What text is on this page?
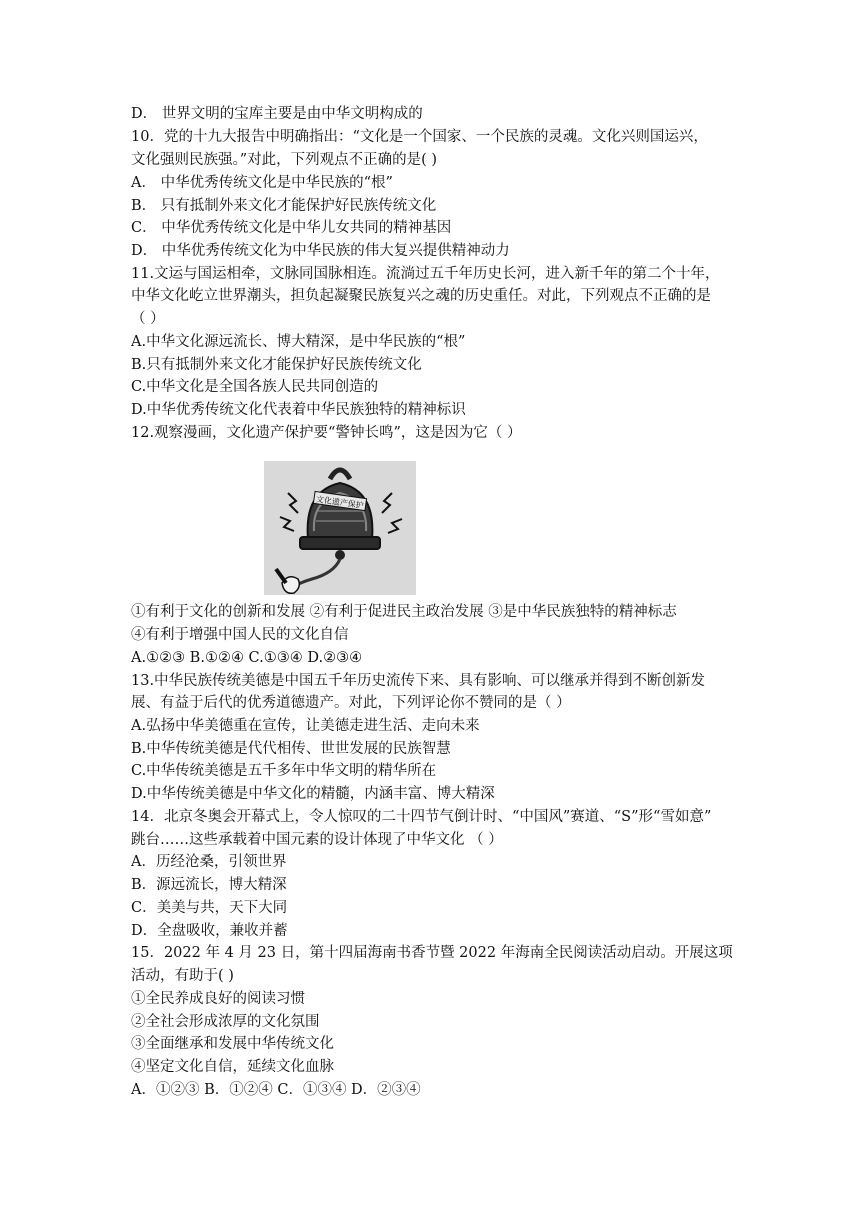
D． 世界文明的宝库主要是由中华文明构成的
10．党的十九大报告中明确指出：“文化是一个国家、一个民族的灵魂。文化兴则国运兴，
文化强则民族强。”对此，下列观点不正确的是( )
A． 中华优秀传统文化是中华民族的“根”
B． 只有抵制外来文化才能保护好民族传统文化
C． 中华优秀传统文化是中华儿女共同的精神基因
D． 中华优秀传统文化为中华民族的伟大复兴提供精神动力
11.文运与国运相牵，文脉同国脉相连。流淌过五千年历史长河，进入新千年的第二个十年，
中华文化屹立世界潮头，担负起凝聚民族复兴之魂的历史重任。对此，下列观点不正确的是
（ ）
A.中华文化源远流长、博大精深，是中华民族的“根”
B.只有抵制外来文化才能保护好民族传统文化
C.中华文化是全国各族人民共同创造的
D.中华优秀传统文化代表着中华民族独特的精神标识
12.观察漫画，文化遗产保护要“警钟长鸣”，这是因为它（ ）
文化遗产保护
①有利于文化的创新和发展 ②有利于促进民主政治发展 ③是中华民族独特的精神标志
④有利于增强中国人民的文化自信
A.①②③ B.①②④ C.①③④ D.②③④
13.中华民族传统美德是中国五千年历史流传下来、具有影响、可以继承并得到不断创新发
展、有益于后代的优秀道德遗产。对此，下列评论你不赞同的是（ ）
A.弘扬中华美德重在宣传，让美德走进生活、走向未来
B.中华传统美德是代代相传、世世发展的民族智慧
C.中华传统美德是五千多年中华文明的精华所在
D.中华传统美德是中华文化的精髓，内涵丰富、博大精深
14．北京冬奥会开幕式上，令人惊叹的二十四节气倒计时、“中国风”赛道、“S”形“雪如意”
跳台……这些承载着中国元素的设计体现了中华文化 （ ）
A．历经沧桑，引领世界
B．源远流长，博大精深
C．美美与共，天下大同
D．全盘吸收，兼收并蓄
15．2022 年 4 月 23 日，第十四届海南书香节暨 2022 年海南全民阅读活动启动。开展这项
活动，有助于( )
①全民养成良好的阅读习惯
②全社会形成浓厚的文化氛围
③全面继承和发展中华传统文化
④坚定文化自信，延续文化血脉
A．①②③ B．①②④ C．①③④ D．②③④
